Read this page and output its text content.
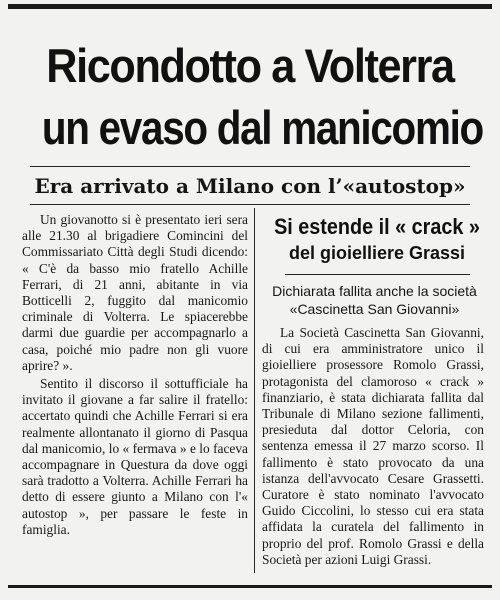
Ricondotto a Volterra
un evaso dal manicomio
Era arrivato a Milano con l’«autostop»

Un giovanotto si è presentato ieri sera alle 21.30 al brigadiere Comincini del Commissariato Città degli Studi dicendo: « C'è da basso mio fratello Achille Ferrari, di 21 anni, abitante in via Botticelli 2, fuggito dal manicomio criminale di Volterra. Le spiacerebbe darmi due guardie per accompagnarlo a casa, poiché mio padre non gli vuore aprire? ».

Sentito il discorso il sottufficiale ha invitato il giovane a far salire il fratello: accertato quindi che Achille Ferrari si era realmente allontanato il giorno di Pasqua dal manicomio, lo « fermava » e lo faceva accompagnare in Questura da dove oggi sarà tradotto a Volterra. Achille Ferrari ha detto di essere giunto a Milano con l'« autostop », per passare le feste in famiglia.

Si estende il « crack »
del gioielliere Grassi
Dichiarata fallita anche la società «Cascinetta San Giovanni»

La Società Cascinetta San Giovanni, di cui era amministratore unico il gioielliere prosessore Romolo Grassi, protagonista del clamoroso « crack » finanziario, è stata dichiarata fallita dal Tribunale di Milano sezione fallimenti, presieduta dal dottor Celoria, con sentenza emessa il 27 marzo scorso. Il fallimento è stato provocato da una istanza dell'avvocato Cesare Grassetti. Curatore è stato nominato l'avvocato Guido Ciccolini, lo stesso cui era stata affidata la curatela del fallimento in proprio del prof. Romolo Grassi e della Società per azioni Luigi Grassi.
